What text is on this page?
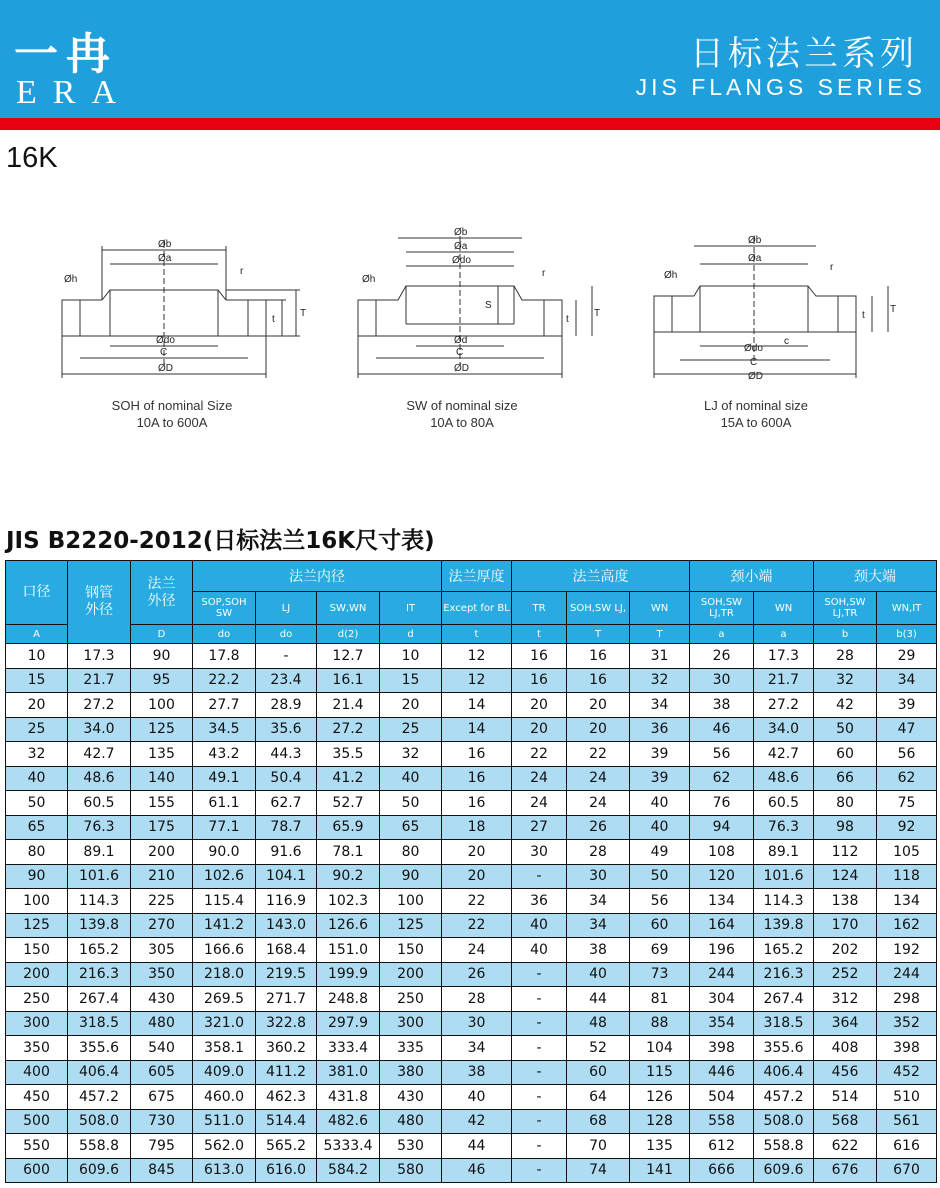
一冉
ERA
日标法兰系列
JIS FLANGS SERIES
16K
Øb
Øa
Øh
r
t
T
Ødo
C
ØD
Øb
Øa
Ødo
Øh
r
S
t
T
Ød
C
ØD
Øb
Øa
Øh
r
t
T
Ødo
c
C
ØD
SOH of nominal Size
10A to 600A
SW of nominal size
10A to 80A
LJ of nominal size
15A to 600A
JIS B2220-2012(日标法兰16K尺寸表)
口径	钢管外径	法兰外径	法兰内径				法兰厚度	法兰高度			颈小端		颈大端	
			SOP,SOH SW	LJ	SW,WN	IT	Except for BL	TR	SOH,SW LJ,	WN	SOH,SW LJ,TR	WN	SOH,SW LJ,TR	WN,IT
A		D	do	do	d(2)	d	t	t	T	T	a	a	b	b(3)
10	17.3	90	17.8	-	12.7	10	12	16	16	31	26	17.3	28	29
15	21.7	95	22.2	23.4	16.1	15	12	16	16	32	30	21.7	32	34
20	27.2	100	27.7	28.9	21.4	20	14	20	20	34	38	27.2	42	39
25	34.0	125	34.5	35.6	27.2	25	14	20	20	36	46	34.0	50	47
32	42.7	135	43.2	44.3	35.5	32	16	22	22	39	56	42.7	60	56
40	48.6	140	49.1	50.4	41.2	40	16	24	24	39	62	48.6	66	62
50	60.5	155	61.1	62.7	52.7	50	16	24	24	40	76	60.5	80	75
65	76.3	175	77.1	78.7	65.9	65	18	27	26	40	94	76.3	98	92
80	89.1	200	90.0	91.6	78.1	80	20	30	28	49	108	89.1	112	105
90	101.6	210	102.6	104.1	90.2	90	20	-	30	50	120	101.6	124	118
100	114.3	225	115.4	116.9	102.3	100	22	36	34	56	134	114.3	138	134
125	139.8	270	141.2	143.0	126.6	125	22	40	34	60	164	139.8	170	162
150	165.2	305	166.6	168.4	151.0	150	24	40	38	69	196	165.2	202	192
200	216.3	350	218.0	219.5	199.9	200	26	-	40	73	244	216.3	252	244
250	267.4	430	269.5	271.7	248.8	250	28	-	44	81	304	267.4	312	298
300	318.5	480	321.0	322.8	297.9	300	30	-	48	88	354	318.5	364	352
350	355.6	540	358.1	360.2	333.4	335	34	-	52	104	398	355.6	408	398
400	406.4	605	409.0	411.2	381.0	380	38	-	60	115	446	406.4	456	452
450	457.2	675	460.0	462.3	431.8	430	40	-	64	126	504	457.2	514	510
500	508.0	730	511.0	514.4	482.6	480	42	-	68	128	558	508.0	568	561
550	558.8	795	562.0	565.2	5333.4	530	44	-	70	135	612	558.8	622	616
600	609.6	845	613.0	616.0	584.2	580	46	-	74	141	666	609.6	676	670
